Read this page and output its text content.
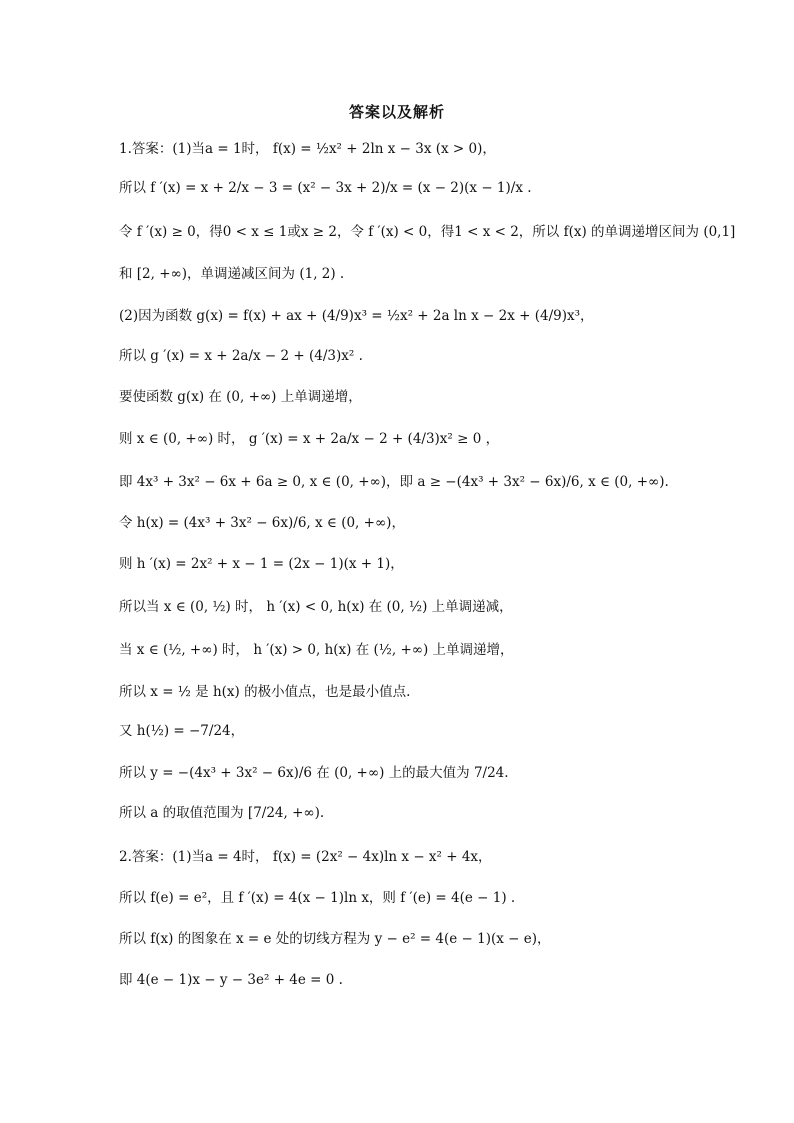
答案以及解析
1.答案：(1)当a = 1时， f(x) = ½x² + 2ln x − 3x (x > 0)，
所以 f ′(x) = x + 2/x − 3 = (x² − 3x + 2)/x = (x − 2)(x − 1)/x .
令 f ′(x) ≥ 0，得0 < x ≤ 1或x ≥ 2，令 f ′(x) < 0，得1 < x < 2，所以 f(x) 的单调递增区间为 (0,1]
和 [2, +∞)，单调递减区间为 (1, 2) .
(2)因为函数 g(x) = f(x) + ax + (4/9)x³ = ½x² + 2a ln x − 2x + (4/9)x³，
所以 g ′(x) = x + 2a/x − 2 + (4/3)x² .
要使函数 g(x) 在 (0, +∞) 上单调递增，
则 x ∈ (0, +∞) 时， g ′(x) = x + 2a/x − 2 + (4/3)x² ≥ 0 ，
即 4x³ + 3x² − 6x + 6a ≥ 0, x ∈ (0, +∞)，即 a ≥ −(4x³ + 3x² − 6x)/6, x ∈ (0, +∞).
令 h(x) = (4x³ + 3x² − 6x)/6, x ∈ (0, +∞)，
则 h ′(x) = 2x² + x − 1 = (2x − 1)(x + 1)，
所以当 x ∈ (0, ½) 时， h ′(x) < 0, h(x) 在 (0, ½) 上单调递减，
当 x ∈ (½, +∞) 时， h ′(x) > 0, h(x) 在 (½, +∞) 上单调递增，
所以 x = ½ 是 h(x) 的极小值点，也是最小值点.
又 h(½) = −7/24，
所以 y = −(4x³ + 3x² − 6x)/6 在 (0, +∞) 上的最大值为 7/24.
所以 a 的取值范围为 [7/24, +∞).
2.答案：(1)当a = 4时， f(x) = (2x² − 4x)ln x − x² + 4x，
所以 f(e) = e²，且 f ′(x) = 4(x − 1)ln x，则 f ′(e) = 4(e − 1) .
所以 f(x) 的图象在 x = e 处的切线方程为 y − e² = 4(e − 1)(x − e)，
即 4(e − 1)x − y − 3e² + 4e = 0 .
